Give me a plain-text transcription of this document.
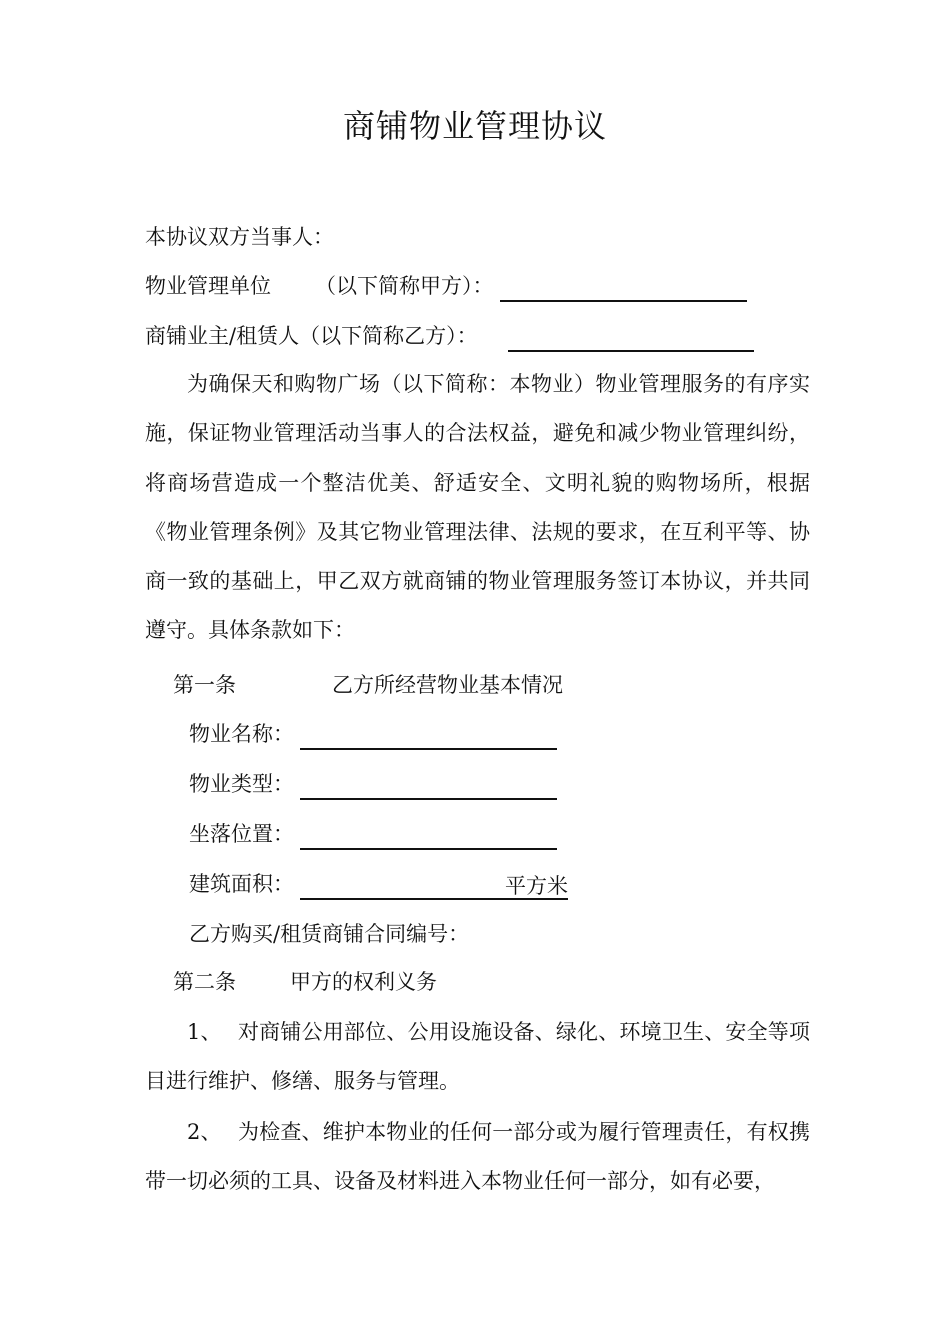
商铺物业管理协议
本协议双方当事人：
物业管理单位 （以下简称甲方）：
商铺业主/租赁人（以下简称乙方）：
为确保天和购物广场（以下简称：本物业）物业管理服务的有序实施，保证物业管理活动当事人的合法权益，避免和减少物业管理纠纷，将商场营造成一个整洁优美、舒适安全、文明礼貌的购物场所，根据《物业管理条例》及其它物业管理法律、法规的要求，在互利平等、协商一致的基础上，甲乙双方就商铺的物业管理服务签订本协议，并共同遵守。具体条款如下：
第一条	乙方所经营物业基本情况
物业名称：
物业类型：
坐落位置：
建筑面积：	平方米
乙方购买/租赁商铺合同编号：
第二条	甲方的权利义务
1、 对商铺公用部位、公用设施设备、绿化、环境卫生、安全等项目进行维护、修缮、服务与管理。
2、 为检查、维护本物业的任何一部分或为履行管理责任，有权携带一切必须的工具、设备及材料进入本物业任何一部分，如有必要，
